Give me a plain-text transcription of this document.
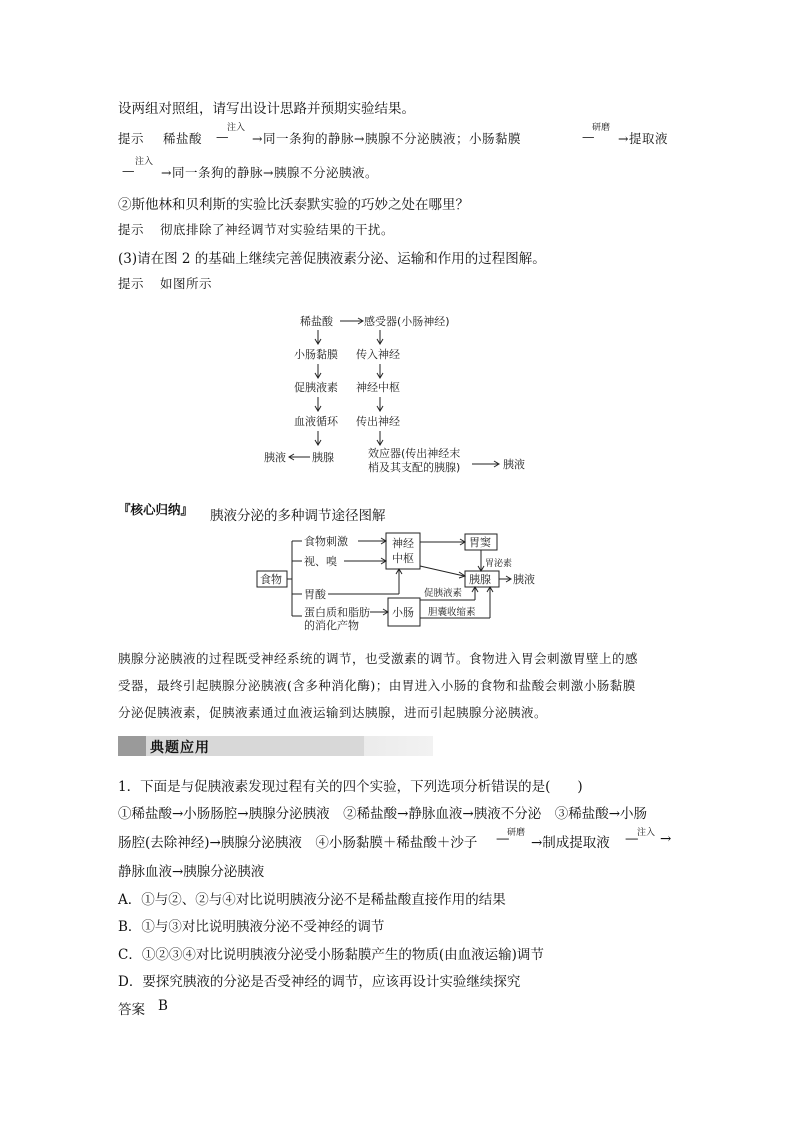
设两组对照组，请写出设计思路并预期实验结果。
提示 稀盐酸
注入
— →同一条狗的静脉→胰腺不分泌胰液；小肠黏膜
研磨
— →提取液
注入
— →同一条狗的静脉→胰腺不分泌胰液。
②斯他林和贝利斯的实验比沃泰默实验的巧妙之处在哪里？
提示 彻底排除了神经调节对实验结果的干扰。
(3)请在图 2 的基础上继续完善促胰液素分泌、运输和作用的过程图解。
提示 如图所示
稀盐酸	感受器(小肠神经)
小肠黏膜 传入神经
促胰液素 神经中枢
血液循环 传出神经
胰液 胰腺	效应器(传出神经末
梢及其支配的胰腺)	胰液
『核心归纳』 胰液分泌的多种调节途径图解
食物
食物刺激
视、嗅
胃酸
蛋白质和脂肪
的消化产物
神经
中枢
小肠
胃窦
胃泌素
胰腺 胰液
促胰液素
胆囊收缩素
胰腺分泌胰液的过程既受神经系统的调节，也受激素的调节。食物进入胃会刺激胃壁上的感
受器，最终引起胰腺分泌胰液(含多种消化酶)；由胃进入小肠的食物和盐酸会刺激小肠黏膜
分泌促胰液素，促胰液素通过血液运输到达胰腺，进而引起胰腺分泌胰液。
典题应用
1．下面是与促胰液素发现过程有关的四个实验，下列选项分析错误的是(　　)
①稀盐酸→小肠肠腔→胰腺分泌胰液　②稀盐酸→静脉血液→胰液不分泌　③稀盐酸→小肠
肠腔(去除神经)→胰腺分泌胰液　④小肠黏膜＋稀盐酸＋沙子
研磨
— →制成提取液
注入
— →
静脉血液→胰腺分泌胰液
A．①与②、②与④对比说明胰液分泌不是稀盐酸直接作用的结果
B．①与③对比说明胰液分泌不受神经的调节
C．①②③④对比说明胰液分泌受小肠黏膜产生的物质(由血液运输)调节
D．要探究胰液的分泌是否受神经的调节，应该再设计实验继续探究
答案 B
